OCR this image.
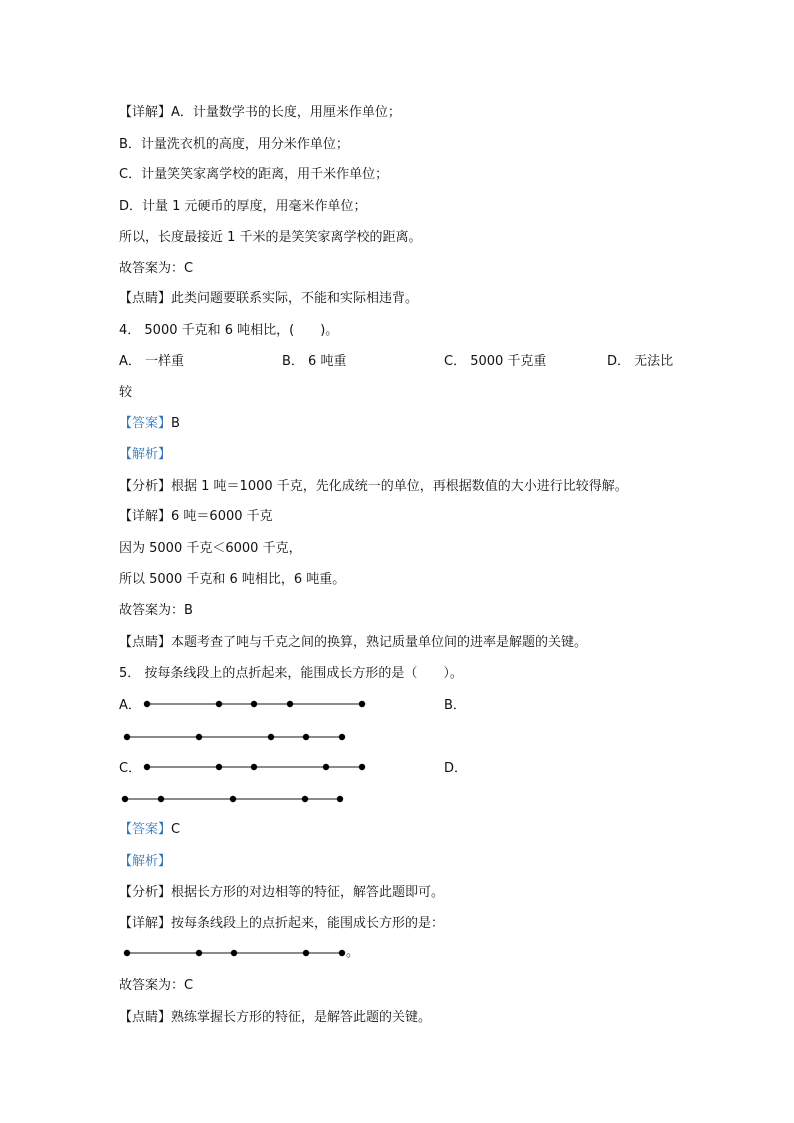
【详解】A．计量数学书的长度，用厘米作单位；
B．计量洗衣机的高度，用分米作单位；
C．计量笑笑家离学校的距离，用千米作单位；
D．计量 1 元硬币的厚度，用毫米作单位；
所以，长度最接近 1 千米的是笑笑家离学校的距离。
故答案为：C
【点睛】此类问题要联系实际，不能和实际相违背。
4． 5000 千克和 6 吨相比，(　　)。
A． 一样重	B． 6 吨重	C． 5000 千克重	D． 无法比
较
【答案】B
【解析】
【分析】根据 1 吨＝1000 千克，先化成统一的单位，再根据数值的大小进行比较得解。
【详解】6 吨＝6000 千克
因为 5000 千克＜6000 千克，
所以 5000 千克和 6 吨相比，6 吨重。
故答案为：B
【点睛】本题考查了吨与千克之间的换算，熟记质量单位间的进率是解题的关键。
5． 按每条线段上的点折起来，能围成长方形的是（　　）。
A．	B．
C．	D．
【答案】C
【解析】
【分析】根据长方形的对边相等的特征，解答此题即可。
【详解】按每条线段上的点折起来，能围成长方形的是：
。
故答案为：C
【点睛】熟练掌握长方形的特征，是解答此题的关键。
